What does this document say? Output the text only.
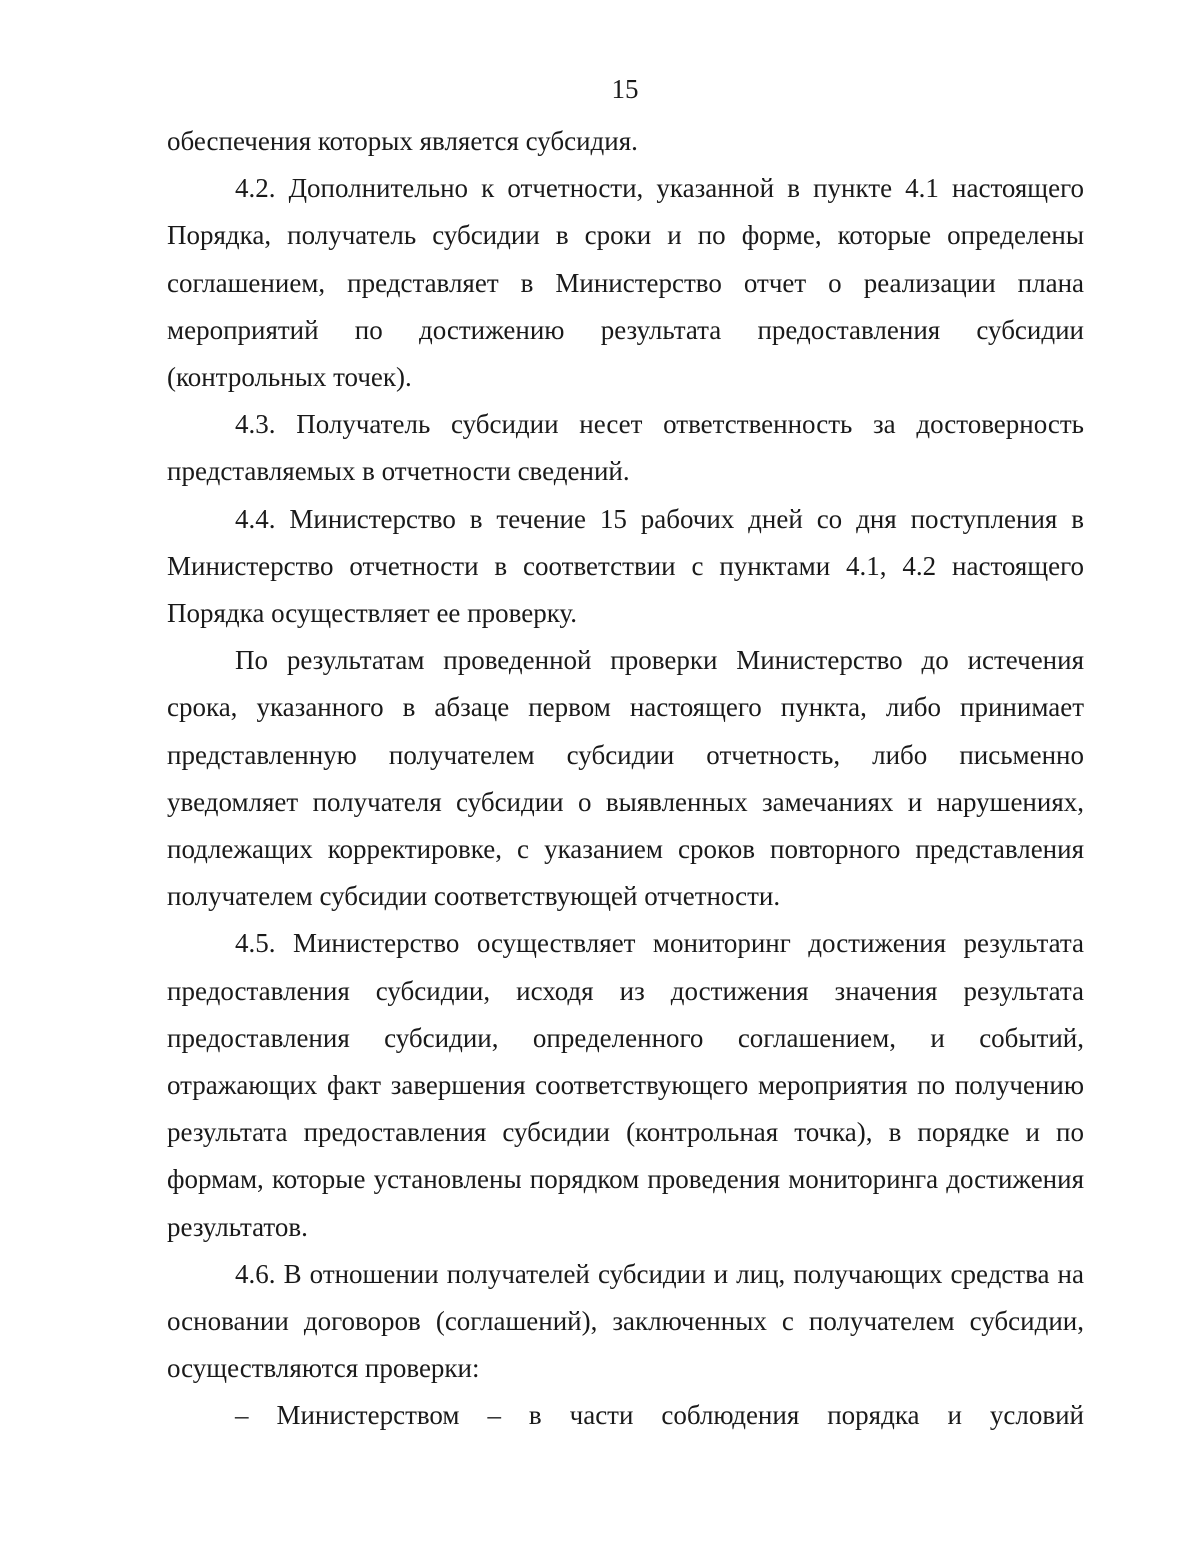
15

обеспечения которых является субсидия.

4.2. Дополнительно к отчетности, указанной в пункте 4.1 настоящего Порядка, получатель субсидии в сроки и по форме, которые определены соглашением, представляет в Министерство отчет о реализации плана мероприятий по достижению результата предоставления субсидии (контрольных точек).

4.3. Получатель субсидии несет ответственность за достоверность представляемых в отчетности сведений.

4.4. Министерство в течение 15 рабочих дней со дня поступления в Министерство отчетности в соответствии с пунктами 4.1, 4.2 настоящего Порядка осуществляет ее проверку.

По результатам проведенной проверки Министерство до истечения срока, указанного в абзаце первом настоящего пункта, либо принимает представленную получателем субсидии отчетность, либо письменно уведомляет получателя субсидии о выявленных замечаниях и нарушениях, подлежащих корректировке, с указанием сроков повторного представления получателем субсидии соответствующей отчетности.

4.5. Министерство осуществляет мониторинг достижения результата предоставления субсидии, исходя из достижения значения результата предоставления субсидии, определенного соглашением, и событий, отражающих факт завершения соответствующего мероприятия по получению результата предоставления субсидии (контрольная точка), в порядке и по формам, которые установлены порядком проведения мониторинга достижения результатов.

4.6. В отношении получателей субсидии и лиц, получающих средства на основании договоров (соглашений), заключенных с получателем субсидии, осуществляются проверки:

– Министерством – в части соблюдения порядка и условий
